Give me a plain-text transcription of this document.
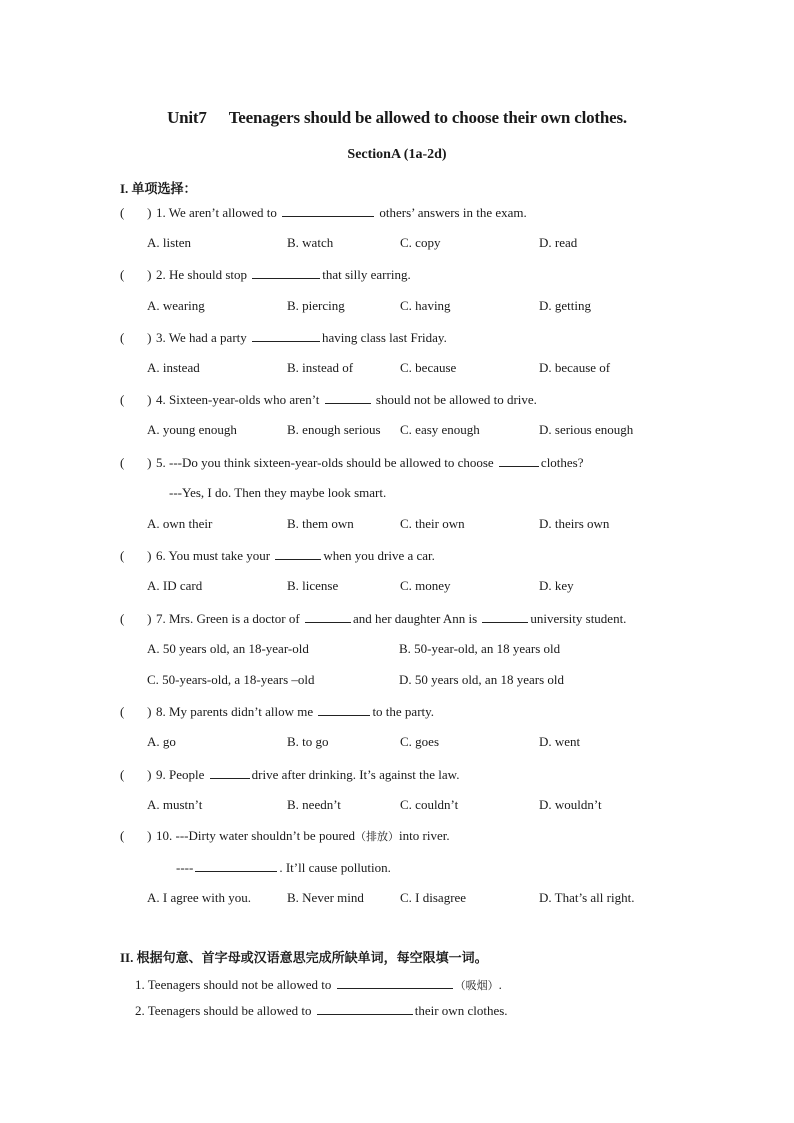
Unit7 Teenagers should be allowed to choose their own clothes.
SectionA (1a-2d)
I. 单项选择：
( ) 1. We aren’t allowed to	others’ answers in the exam.
A. listen	B. watch	C. copy	D. read
( ) 2. He should stop	that silly earring.
A. wearing	B. piercing	C. having	D. getting
( ) 3. We had a party	having class last Friday.
A. instead	B. instead of	C. because	D. because of
( ) 4. Sixteen-year-olds who aren’t	should not be allowed to drive.
A. young enough	B. enough serious C. easy enough	D. serious enough
( ) 5. ---Do you think sixteen-year-olds should be allowed to choose	clothes?
---Yes, I do. Then they maybe look smart.
A. own their	B. them own	C. their own	D. theirs own
( ) 6. You must take your	when you drive a car.
A. ID card	B. license	C. money	D. key
( ) 7. Mrs. Green is a doctor of	and her daughter Ann is	university student.
A. 50 years old, an 18-year-old	B. 50-year-old, an 18 years old
C. 50-years-old, a 18-years –old	D. 50 years old, an 18 years old
( ) 8. My parents didn’t allow me	to the party.
A. go	B. to go	C. goes	D. went
( ) 9. People	drive after drinking. It’s against the law.
A. mustn’t	B. needn’t	C. couldn’t	D. wouldn’t
( ) 10. ---Dirty water shouldn’t be poured（排放）into river.
----	. It’ll cause pollution.
A. I agree with you.	B. Never mind	C. I disagree	D. That’s all right.
II. 根据句意、首字母或汉语意思完成所缺单词，每空限填一词。
1. Teenagers should not be allowed to	（吸烟）.
2. Teenagers should be allowed to	their own clothes.
